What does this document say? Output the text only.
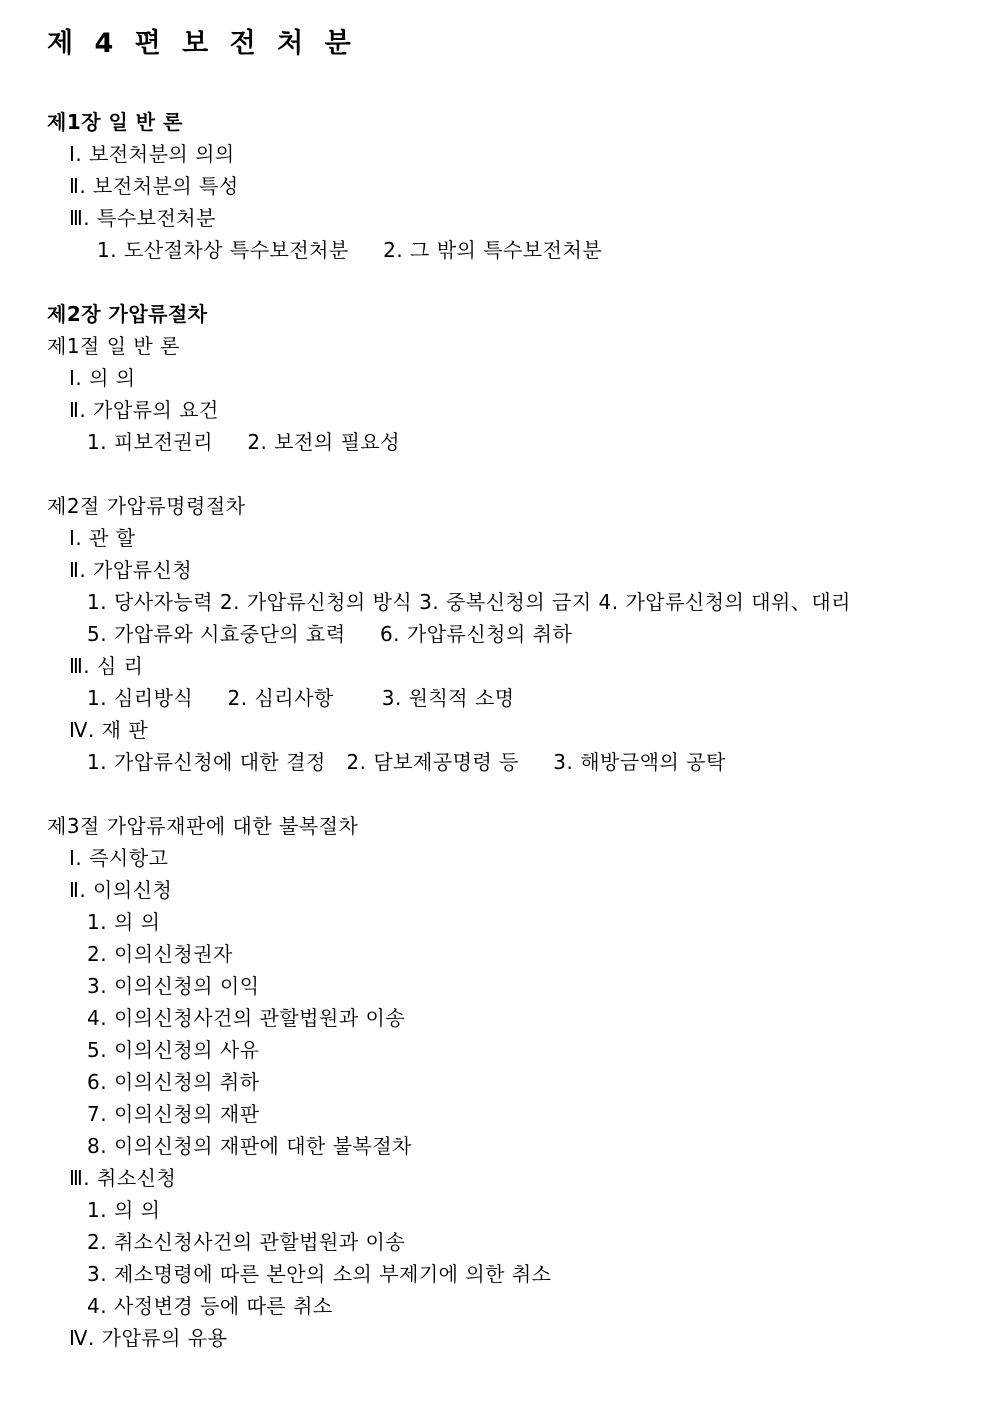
제 4 편 보 전 처 분
제1장 일 반 론
Ⅰ. 보전처분의 의의
Ⅱ. 보전처분의 특성
Ⅲ. 특수보전처분
1. 도산절차상 특수보전처분     2. 그 밖의 특수보전처분
제2장 가압류절차
제1절 일 반 론
Ⅰ. 의 의
Ⅱ. 가압류의 요건
1. 피보전권리     2. 보전의 필요성
제2절 가압류명령절차
Ⅰ. 관 할
Ⅱ. 가압류신청
1. 당사자능력 2. 가압류신청의 방식 3. 중복신청의 금지 4. 가압류신청의 대위、대리
5. 가압류와 시효중단의 효력     6. 가압류신청의 취하
Ⅲ. 심 리
1. 심리방식     2. 심리사항       3. 원칙적 소명
Ⅳ. 재 판
1. 가압류신청에 대한 결정   2. 담보제공명령 등     3. 해방금액의 공탁
제3절 가압류재판에 대한 불복절차
Ⅰ. 즉시항고
Ⅱ. 이의신청
1. 의 의
2. 이의신청권자
3. 이의신청의 이익
4. 이의신청사건의 관할법원과 이송
5. 이의신청의 사유
6. 이의신청의 취하
7. 이의신청의 재판
8. 이의신청의 재판에 대한 불복절차
Ⅲ. 취소신청
1. 의 의
2. 취소신청사건의 관할법원과 이송
3. 제소명령에 따른 본안의 소의 부제기에 의한 취소
4. 사정변경 등에 따른 취소
Ⅳ. 가압류의 유용
